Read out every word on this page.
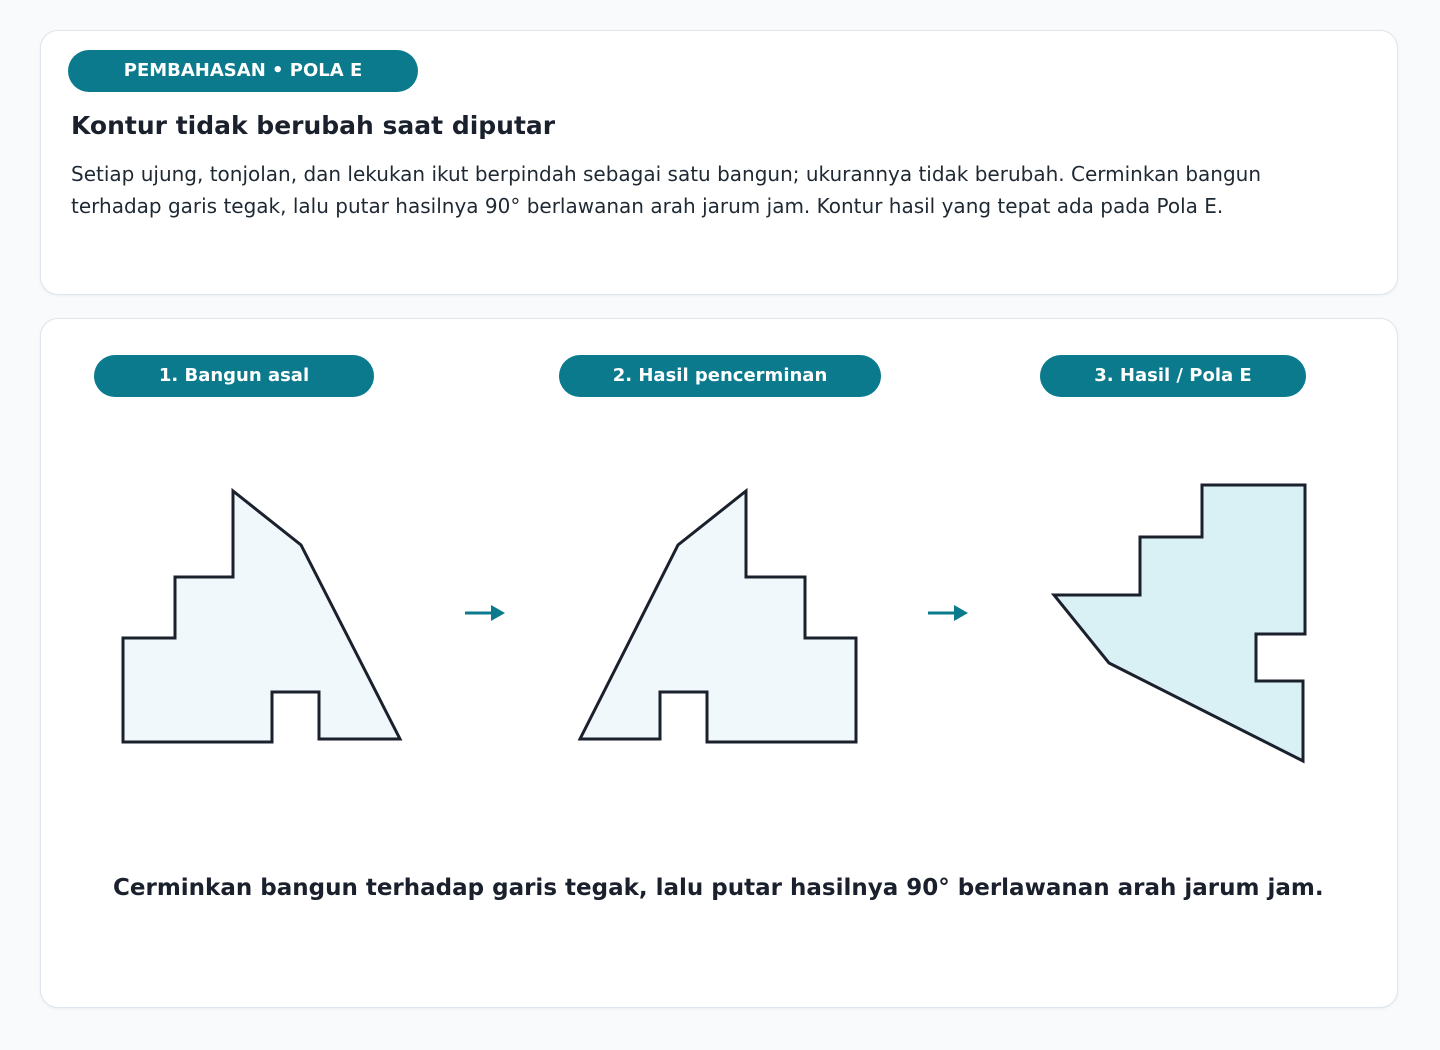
PEMBAHASAN • POLA E
Kontur tidak berubah saat diputar
Setiap ujung, tonjolan, dan lekukan ikut berpindah sebagai satu bangun; ukurannya tidak berubah. Cerminkan bangun terhadap garis tegak, lalu putar hasilnya 90° berlawanan arah jarum jam. Kontur hasil yang tepat ada pada Pola E.
1. Bangun asal	2. Hasil pencerminan	3. Hasil / Pola E
Cerminkan bangun terhadap garis tegak, lalu putar hasilnya 90° berlawanan arah jarum jam.
